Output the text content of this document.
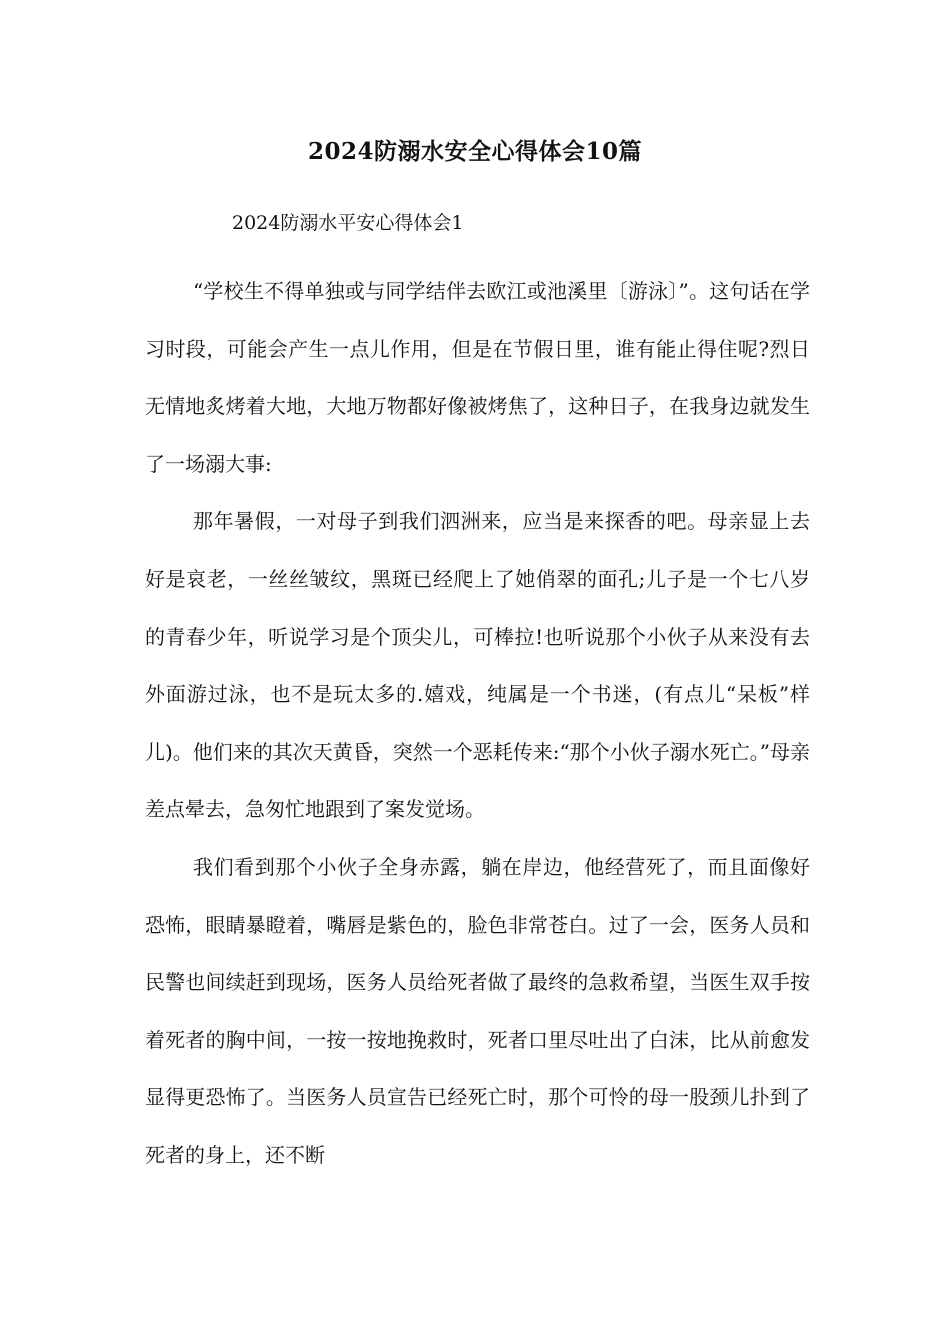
2024防溺水安全心得体会10篇
2024防溺水平安心得体会1

“学校生不得单独或与同学结伴去欧江或池溪里〔游泳〕”。这句话在学习时段，可能会产生一点儿作用，但是在节假日里，谁有能止得住呢?烈日无情地炙烤着大地，大地万物都好像被烤焦了，这种日子，在我身边就发生了一场溺大事:

那年暑假，一对母子到我们泗洲来，应当是来探香的吧。母亲显上去好是哀老，一丝丝皱纹，黑斑已经爬上了她俏翠的面孔;儿子是一个七八岁的青春少年，听说学习是个顶尖儿，可棒拉!也听说那个小伙子从来没有去外面游过泳，也不是玩太多的.嬉戏，纯属是一个书迷，(有点儿“呆板”样儿)。他们来的其次天黄昏，突然一个恶耗传来:“那个小伙子溺水死亡。”母亲差点晕去，急匆忙地跟到了案发觉场。

我们看到那个小伙子全身赤露，躺在岸边，他经营死了，而且面像好恐怖，眼睛暴瞪着，嘴唇是紫色的，脸色非常苍白。过了一会，医务人员和民警也间续赶到现场，医务人员给死者做了最终的急救希望，当医生双手按着死者的胸中间，一按一按地挽救时，死者口里尽吐出了白沫，比从前愈发显得更恐怖了。当医务人员宣告已经死亡时，那个可怜的母一股颈儿扑到了死者的身上，还不断
